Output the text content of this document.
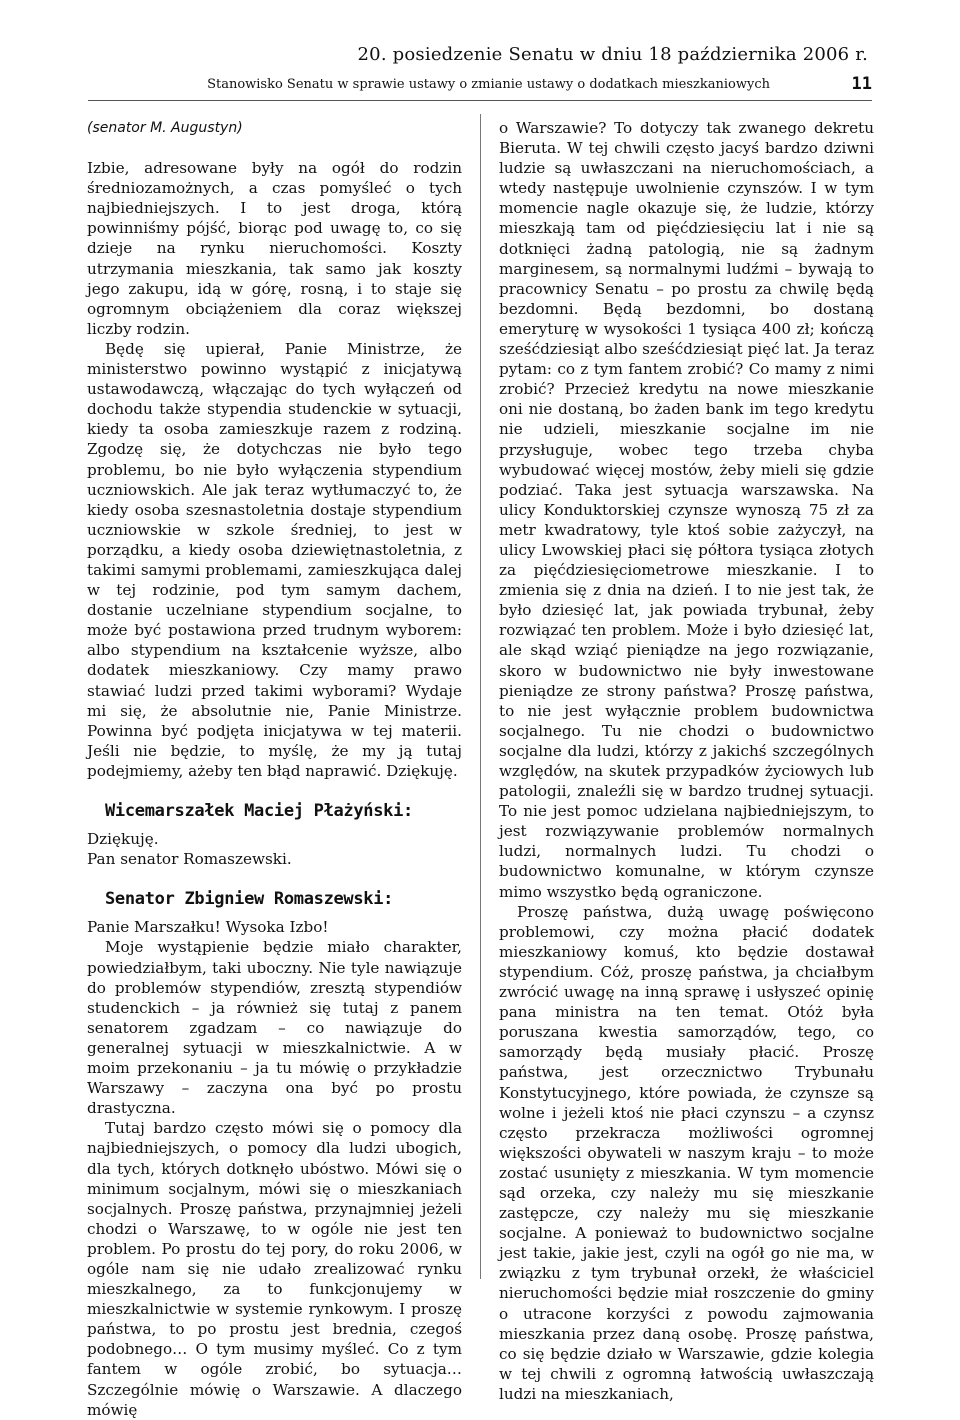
20. posiedzenie Senatu w dniu 18 października 2006 r.
Stanowisko Senatu w sprawie ustawy o zmianie ustawy o dodatkach mieszkaniowych	11
(senator M. Augustyn)

Izbie, adresowane były na ogół do rodzin średniozamożnych, a czas pomyśleć o tych najbiedniejszych. I to jest droga, którą powinniśmy pójść, biorąc pod uwagę to, co się dzieje na rynku nieruchomości. Koszty utrzymania mieszkania, tak samo jak koszty jego zakupu, idą w górę, rosną, i to staje się ogromnym obciążeniem dla coraz większej liczby rodzin.

Będę się upierał, Panie Ministrze, że ministerstwo powinno wystąpić z inicjatywą ustawodawczą, włączając do tych wyłączeń od dochodu także stypendia studenckie w sytuacji, kiedy ta osoba zamieszkuje razem z rodziną. Zgodzę się, że dotychczas nie było tego problemu, bo nie było wyłączenia stypendium uczniowskich. Ale jak teraz wytłumaczyć to, że kiedy osoba szesnastoletnia dostaje stypendium uczniowskie w szkole średniej, to jest w porządku, a kiedy osoba dziewiętnastoletnia, z takimi samymi problemami, zamieszkująca dalej w tej rodzinie, pod tym samym dachem, dostanie uczelniane stypendium socjalne, to może być postawiona przed trudnym wyborem: albo stypendium na kształcenie wyższe, albo dodatek mieszkaniowy. Czy mamy prawo stawiać ludzi przed takimi wyborami? Wydaje mi się, że absolutnie nie, Panie Ministrze. Powinna być podjęta inicjatywa w tej materii. Jeśli nie będzie, to myślę, że my ją tutaj podejmiemy, ażeby ten błąd naprawić. Dziękuję.

Wicemarszałek Maciej Płażyński:

Dziękuję.

Pan senator Romaszewski.

Senator Zbigniew Romaszewski:

Panie Marszałku! Wysoka Izbo!

Moje wystąpienie będzie miało charakter, powiedziałbym, taki uboczny. Nie tyle nawiązuje do problemów stypendiów, zresztą stypendiów studenckich – ja również się tutaj z panem senatorem zgadzam – co nawiązuje do generalnej sytuacji w mieszkalnictwie. A w moim przekonaniu – ja tu mówię o przykładzie Warszawy – zaczyna ona być po prostu drastyczna.

Tutaj bardzo często mówi się o pomocy dla najbiedniejszych, o pomocy dla ludzi ubogich, dla tych, których dotknęło ubóstwo. Mówi się o minimum socjalnym, mówi się o mieszkaniach socjalnych. Proszę państwa, przynajmniej jeżeli chodzi o Warszawę, to w ogóle nie jest ten problem. Po prostu do tej pory, do roku 2006, w ogóle nam się nie udało zrealizować rynku mieszkalnego, za to funkcjonujemy w mieszkalnictwie w systemie rynkowym. I proszę państwa, to po prostu jest brednia, czegoś podobnego… O tym musimy myśleć. Co z tym fantem w ogóle zrobić, bo sytuacja… Szczególnie mówię o Warszawie. A dlaczego mówię

o Warszawie? To dotyczy tak zwanego dekretu Bieruta. W tej chwili często jacyś bardzo dziwni ludzie są uwłaszczani na nieruchomościach, a wtedy następuje uwolnienie czynszów. I w tym momencie nagle okazuje się, że ludzie, którzy mieszkają tam od pięćdziesięciu lat i nie są dotknięci żadną patologią, nie są żadnym marginesem, są normalnymi ludźmi – bywają to pracownicy Senatu – po prostu za chwilę będą bezdomni. Będą bezdomni, bo dostaną emeryturę w wysokości 1 tysiąca 400 zł; kończą sześćdziesiąt albo sześćdziesiąt pięć lat. Ja teraz pytam: co z tym fantem zrobić? Co mamy z nimi zrobić? Przecież kredytu na nowe mieszkanie oni nie dostaną, bo żaden bank im tego kredytu nie udzieli, mieszkanie socjalne im nie przysługuje, wobec tego trzeba chyba wybudować więcej mostów, żeby mieli się gdzie podziać. Taka jest sytuacja warszawska. Na ulicy Konduktorskiej czynsze wynoszą 75 zł za metr kwadratowy, tyle ktoś sobie zażyczył, na ulicy Lwowskiej płaci się półtora tysiąca złotych za pięćdziesięciometrowe mieszkanie. I to zmienia się z dnia na dzień. I to nie jest tak, że było dziesięć lat, jak powiada trybunał, żeby rozwiązać ten problem. Może i było dziesięć lat, ale skąd wziąć pieniądze na jego rozwiązanie, skoro w budownictwo nie były inwestowane pieniądze ze strony państwa? Proszę państwa, to nie jest wyłącznie problem budownictwa socjalnego. Tu nie chodzi o budownictwo socjalne dla ludzi, którzy z jakichś szczególnych względów, na skutek przypadków życiowych lub patologii, znaleźli się w bardzo trudnej sytuacji. To nie jest pomoc udzielana najbiedniejszym, to jest rozwiązywanie problemów normalnych ludzi, normalnych ludzi. Tu chodzi o budownictwo komunalne, w którym czynsze mimo wszystko będą ograniczone.

Proszę państwa, dużą uwagę poświęcono problemowi, czy można płacić dodatek mieszkaniowy komuś, kto będzie dostawał stypendium. Cóż, proszę państwa, ja chciałbym zwrócić uwagę na inną sprawę i usłyszeć opinię pana ministra na ten temat. Otóż była poruszana kwestia samorządów, tego, co samorządy będą musiały płacić. Proszę państwa, jest orzecznictwo Trybunału Konstytucyjnego, które powiada, że czynsze są wolne i jeżeli ktoś nie płaci czynszu – a czynsz często przekracza możliwości ogromnej większości obywateli w naszym kraju – to może zostać usunięty z mieszkania. W tym momencie sąd orzeka, czy należy mu się mieszkanie zastępcze, czy należy mu się mieszkanie socjalne. A ponieważ to budownictwo socjalne jest takie, jakie jest, czyli na ogół go nie ma, w związku z tym trybunał orzekł, że właściciel nieruchomości będzie miał roszczenie do gminy o utracone korzyści z powodu zajmowania mieszkania przez daną osobę. Proszę państwa, co się będzie działo w Warszawie, gdzie kolegia w tej chwili z ogromną łatwością uwłaszczają ludzi na mieszkaniach,
